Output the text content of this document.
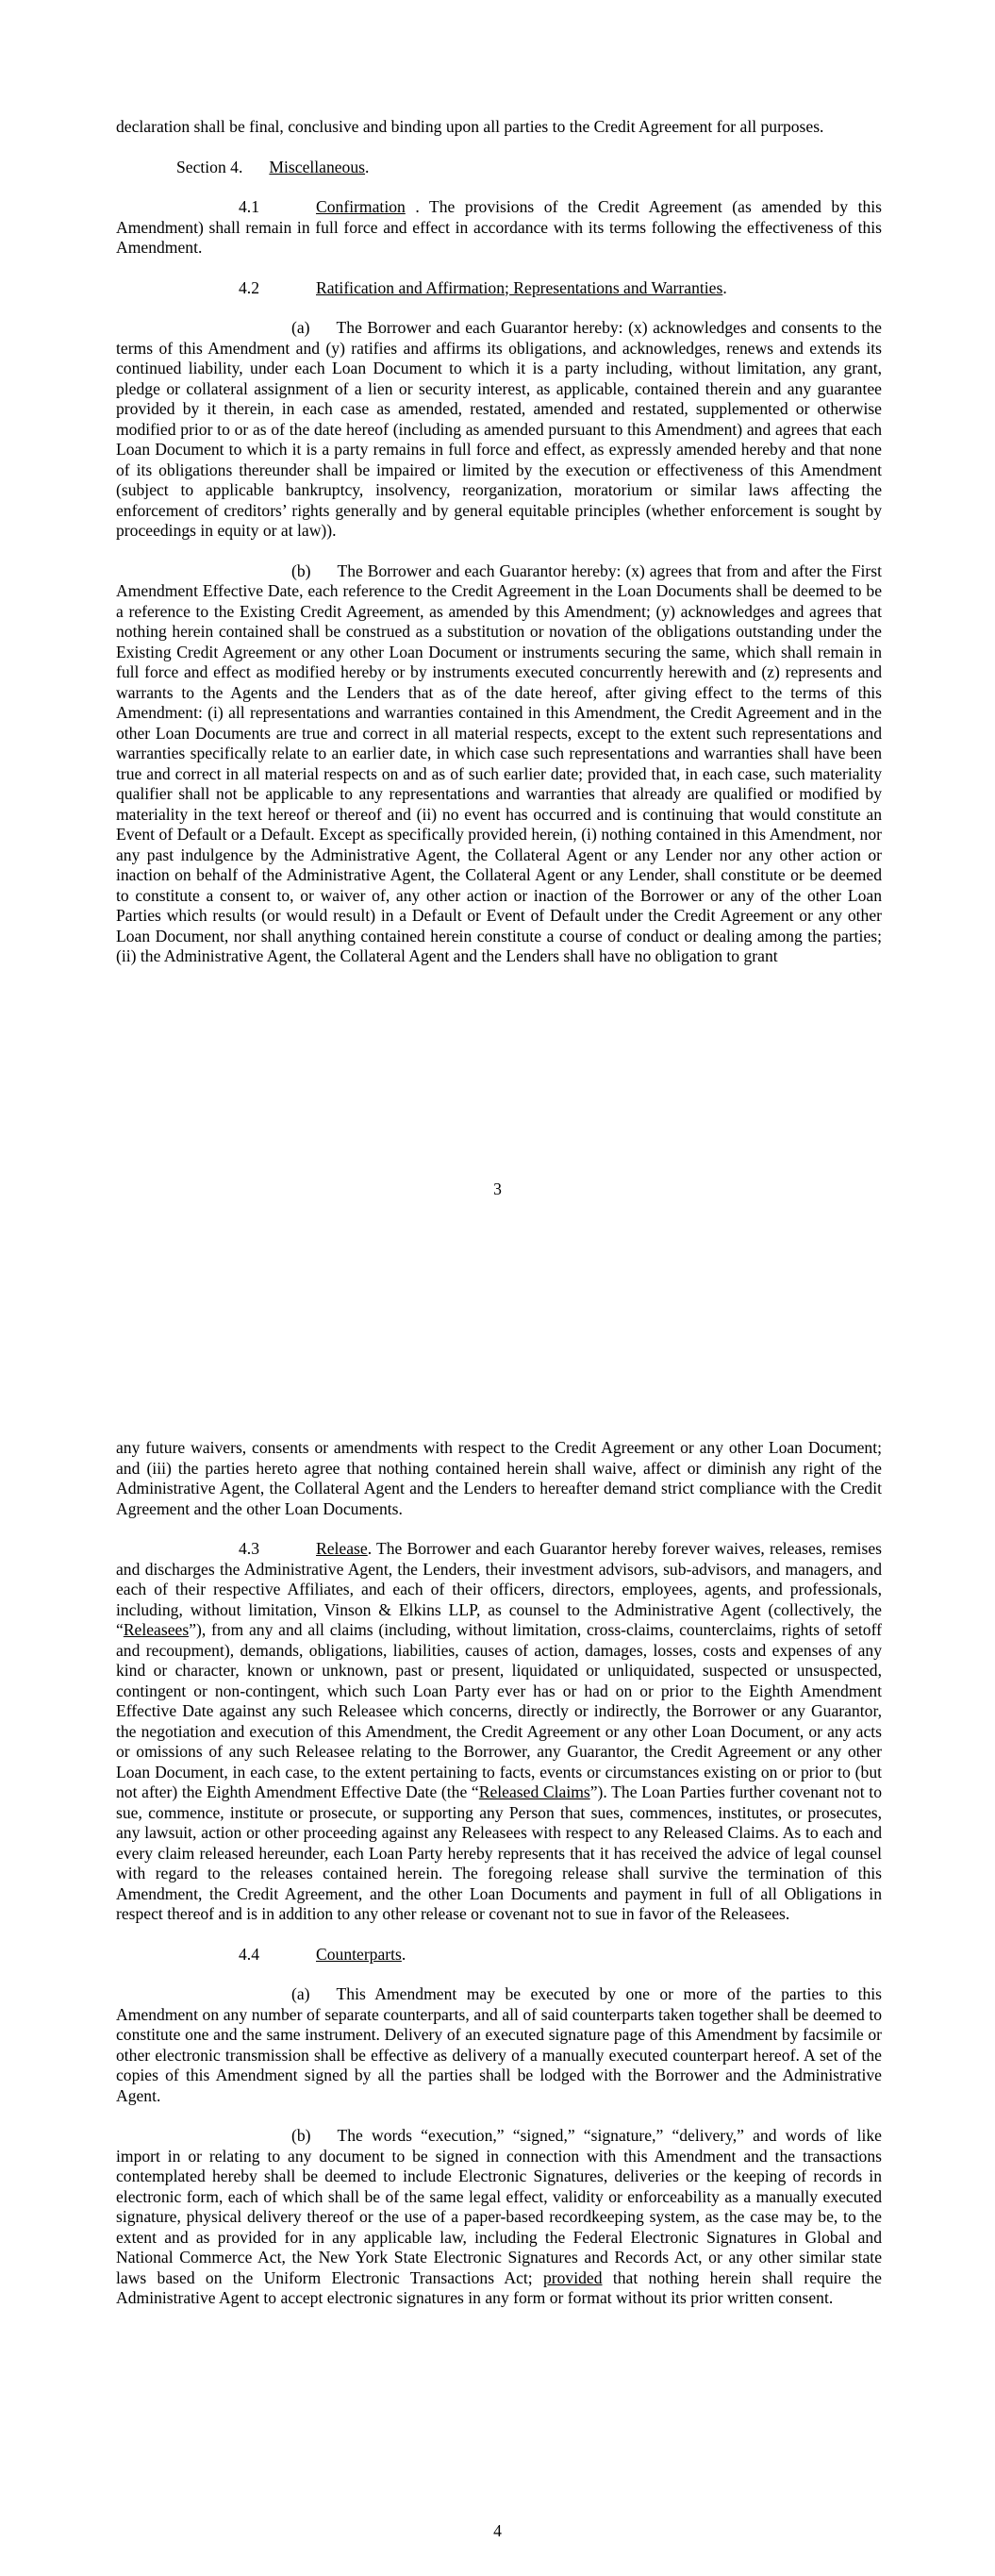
declaration shall be final, conclusive and binding upon all parties to the Credit Agreement for all purposes.

Section 4. Miscellaneous.

4.1	Confirmation . The provisions of the Credit Agreement (as amended by this Amendment) shall remain in full force and effect in accordance with its terms following the effectiveness of this Amendment.

4.2	Ratification and Affirmation; Representations and Warranties.

(a) The Borrower and each Guarantor hereby: (x) acknowledges and consents to the terms of this Amendment and (y) ratifies and affirms its obligations, and acknowledges, renews and extends its continued liability, under each Loan Document to which it is a party including, without limitation, any grant, pledge or collateral assignment of a lien or security interest, as applicable, contained therein and any guarantee provided by it therein, in each case as amended, restated, amended and restated, supplemented or otherwise modified prior to or as of the date hereof (including as amended pursuant to this Amendment) and agrees that each Loan Document to which it is a party remains in full force and effect, as expressly amended hereby and that none of its obligations thereunder shall be impaired or limited by the execution or effectiveness of this Amendment (subject to applicable bankruptcy, insolvency, reorganization, moratorium or similar laws affecting the enforcement of creditors’ rights generally and by general equitable principles (whether enforcement is sought by proceedings in equity or at law)).

(b) The Borrower and each Guarantor hereby: (x) agrees that from and after the First Amendment Effective Date, each reference to the Credit Agreement in the Loan Documents shall be deemed to be a reference to the Existing Credit Agreement, as amended by this Amendment; (y) acknowledges and agrees that nothing herein contained shall be construed as a substitution or novation of the obligations outstanding under the Existing Credit Agreement or any other Loan Document or instruments securing the same, which shall remain in full force and effect as modified hereby or by instruments executed concurrently herewith and (z) represents and warrants to the Agents and the Lenders that as of the date hereof, after giving effect to the terms of this Amendment: (i) all representations and warranties contained in this Amendment, the Credit Agreement and in the other Loan Documents are true and correct in all material respects, except to the extent such representations and warranties specifically relate to an earlier date, in which case such representations and warranties shall have been true and correct in all material respects on and as of such earlier date; provided that, in each case, such materiality qualifier shall not be applicable to any representations and warranties that already are qualified or modified by materiality in the text hereof or thereof and (ii) no event has occurred and is continuing that would constitute an Event of Default or a Default. Except as specifically provided herein, (i) nothing contained in this Amendment, nor any past indulgence by the Administrative Agent, the Collateral Agent or any Lender nor any other action or inaction on behalf of the Administrative Agent, the Collateral Agent or any Lender, shall constitute or be deemed to constitute a consent to, or waiver of, any other action or inaction of the Borrower or any of the other Loan Parties which results (or would result) in a Default or Event of Default under the Credit Agreement or any other Loan Document, nor shall anything contained herein constitute a course of conduct or dealing among the parties; (ii) the Administrative Agent, the Collateral Agent and the Lenders shall have no obligation to grant

3

any future waivers, consents or amendments with respect to the Credit Agreement or any other Loan Document; and (iii) the parties hereto agree that nothing contained herein shall waive, affect or diminish any right of the Administrative Agent, the Collateral Agent and the Lenders to hereafter demand strict compliance with the Credit Agreement and the other Loan Documents.

4.3	Release. The Borrower and each Guarantor hereby forever waives, releases, remises and discharges the Administrative Agent, the Lenders, their investment advisors, sub-advisors, and managers, and each of their respective Affiliates, and each of their officers, directors, employees, agents, and professionals, including, without limitation, Vinson & Elkins LLP, as counsel to the Administrative Agent (collectively, the “Releasees”), from any and all claims (including, without limitation, cross-claims, counterclaims, rights of setoff and recoupment), demands, obligations, liabilities, causes of action, damages, losses, costs and expenses of any kind or character, known or unknown, past or present, liquidated or unliquidated, suspected or unsuspected, contingent or non-contingent, which such Loan Party ever has or had on or prior to the Eighth Amendment Effective Date against any such Releasee which concerns, directly or indirectly, the Borrower or any Guarantor, the negotiation and execution of this Amendment, the Credit Agreement or any other Loan Document, or any acts or omissions of any such Releasee relating to the Borrower, any Guarantor, the Credit Agreement or any other Loan Document, in each case, to the extent pertaining to facts, events or circumstances existing on or prior to (but not after) the Eighth Amendment Effective Date (the “Released Claims”). The Loan Parties further covenant not to sue, commence, institute or prosecute, or supporting any Person that sues, commences, institutes, or prosecutes, any lawsuit, action or other proceeding against any Releasees with respect to any Released Claims. As to each and every claim released hereunder, each Loan Party hereby represents that it has received the advice of legal counsel with regard to the releases contained herein. The foregoing release shall survive the termination of this Amendment, the Credit Agreement, and the other Loan Documents and payment in full of all Obligations in respect thereof and is in addition to any other release or covenant not to sue in favor of the Releasees.

4.4	Counterparts.

(a) This Amendment may be executed by one or more of the parties to this Amendment on any number of separate counterparts, and all of said counterparts taken together shall be deemed to constitute one and the same instrument. Delivery of an executed signature page of this Amendment by facsimile or other electronic transmission shall be effective as delivery of a manually executed counterpart hereof. A set of the copies of this Amendment signed by all the parties shall be lodged with the Borrower and the Administrative Agent.

(b) The words “execution,” “signed,” “signature,” “delivery,” and words of like import in or relating to any document to be signed in connection with this Amendment and the transactions contemplated hereby shall be deemed to include Electronic Signatures, deliveries or the keeping of records in electronic form, each of which shall be of the same legal effect, validity or enforceability as a manually executed signature, physical delivery thereof or the use of a paper-based recordkeeping system, as the case may be, to the extent and as provided for in any applicable law, including the Federal Electronic Signatures in Global and National Commerce Act, the New York State Electronic Signatures and Records Act, or any other similar state laws based on the Uniform Electronic Transactions Act; provided that nothing herein shall require the Administrative Agent to accept electronic signatures in any form or format without its prior written consent.

4
